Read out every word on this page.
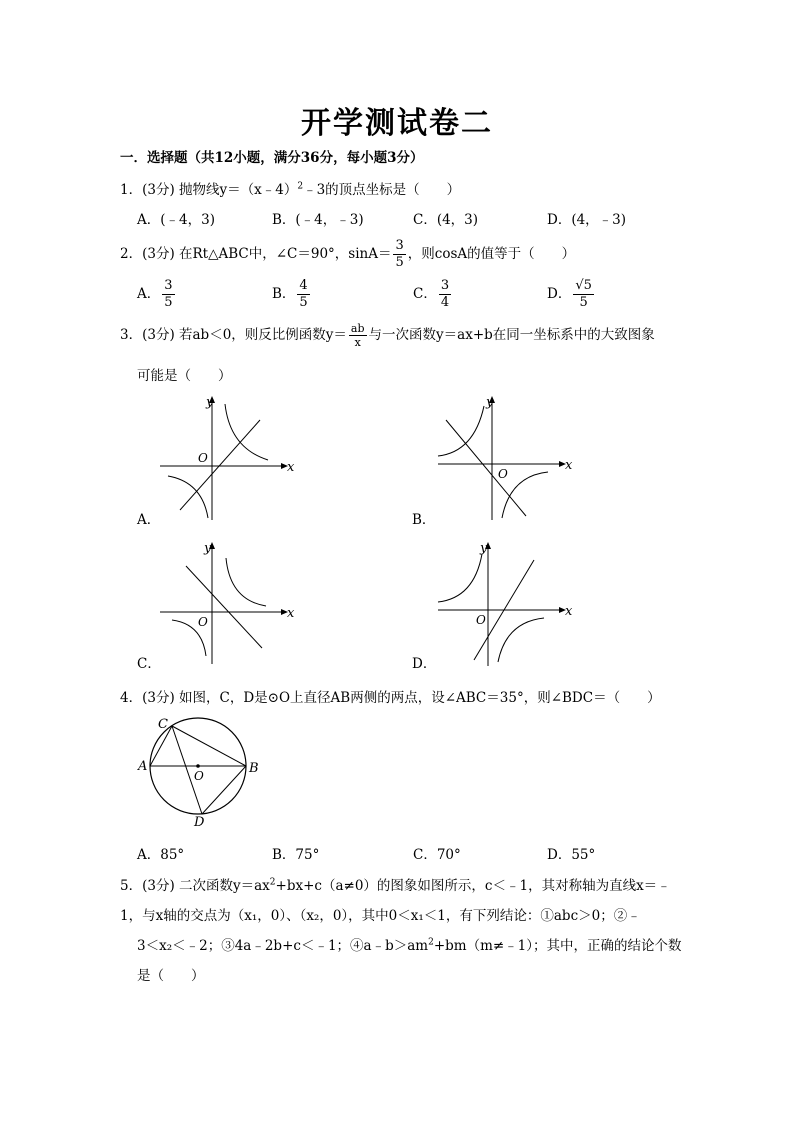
开学测试卷二
一．选择题（共12小题，满分36分，每小题3分）
1．(3分) 抛物线y＝（x﹣4）$^2$﹣3的顶点坐标是（　　）
A．(﹣4，3)	B．(﹣4，﹣3)	C．(4，3)	D．(4，﹣3)
2．(3分) 在Rt△ABC中，∠C＝90°，$\sin A= \frac{3}{5}$ ，则cosA的值等于（　　）
A． $\frac{3}{5}$	B． $\frac{4}{5}$	C． $\frac{3}{4}$	D． $\frac{√5}{5}$
3．(3分) 若ab＜0，则反比例函数$y= \frac{ab}{x}$ 与一次函数y＝ax+b在同一坐标系中的大致图象
可能是（　　）
y
x
O
A．
y
x
O
B．
y
x
O
C．
y
x
O
D．
4．(3分) 如图，C，D是⊙O上直径AB两侧的两点，设∠ABC＝35°，则∠BDC＝（　　）
C
A	B
D
O
A．85°	B．75°	C．70°	D．55°
5．(3分) 二次函数$y=ax^2+bx+c(a\ne 0)$的图象如图所示，c＜﹣1，其对称轴为直线x＝﹣
1，与x轴的交点为（x₁，0）、（x₂，0），其中0＜x₁＜1，有下列结论：①abc＞0；②﹣
3＜x₂＜﹣2；③4a﹣2b+c＜﹣1；$④a﹣b>am^2+bm(m\ne﹣1)$；其中，正确的结论个数
是（　　）
